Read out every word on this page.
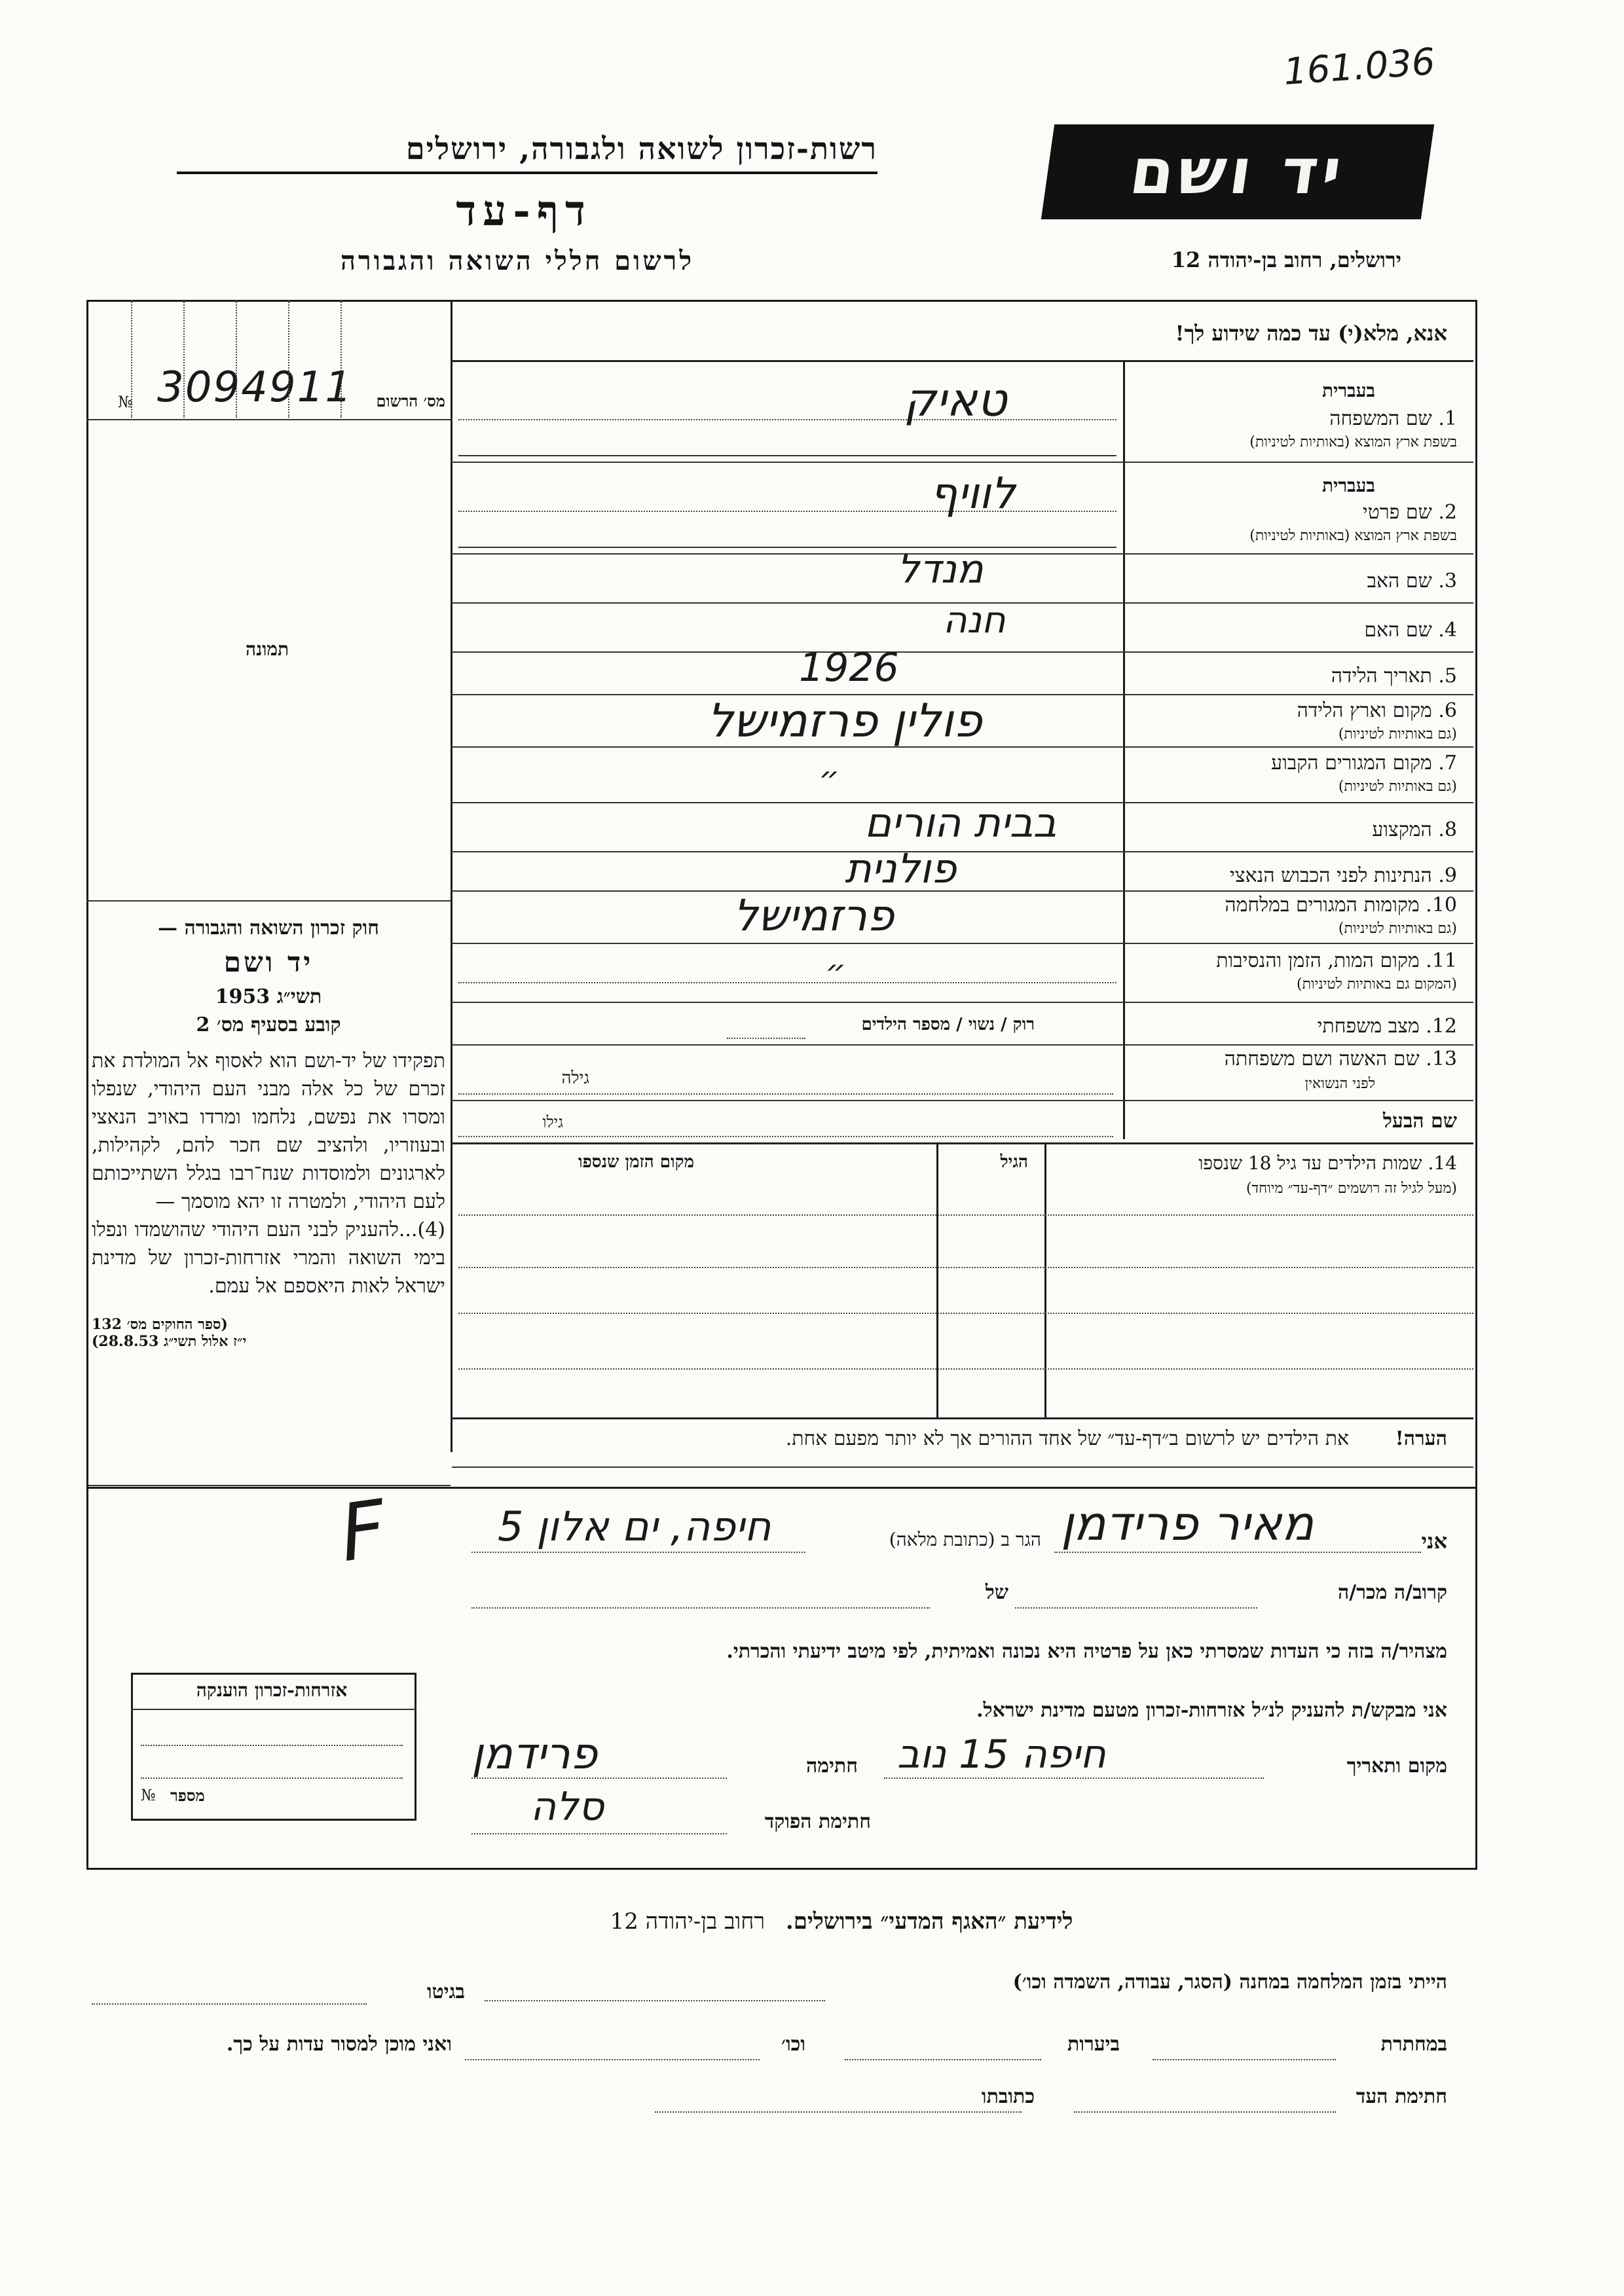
161.036
רשות-זכרון לשואה ולגבורה, ירושלים
דף-עד
לרשום חללי השואה והגבורה
יד ושם
ירושלים, רחוב בן-יהודה 12
אנא, מלא(י) עד כמה שידוע לך!
№	מס׳ הרשום
3094911
תמונה
חוק זכרון השואה והגבורה —
יד ושם
תשי״ג 1953
קובע בסעיף מס׳ 2
תפקידו של יד-ושם הוא לאסוף אל המולדת את זכרם של כל אלה מבני העם היהודי, שנפלו ומסרו את נפשם, נלחמו ומרדו באויב הנאצי ובעוזריו, ולהציב שם חכר להם, לקהילות, לארגונים ולמוסדות שנח־רבו בגלל השתייכותם לעם היהודי, ולמטרה זו יהא מוסמך —
(4)...להעניק לבני העם היהודי שהושמדו ונפלו בימי השואה והמרי אזרחות-זכרון של מדינת ישראל לאות היאספם אל עמם.
(ספר החוקים מס׳ 132
י״ז אלול תשי״ג 28.8.53)
בעברית
1. שם המשפחה
בשפת ארץ המוצא (באותיות לטיניות)
טאיק
בעברית
2. שם פרטי
בשפת ארץ המוצא (באותיות לטיניות)
לוויף
3. שם האב
מנדל
4. שם האם
חנה
5. תאריך הלידה
1926
6. מקום וארץ הלידה
(גם באותיות לטיניות)
פולין פרזמישל
7. מקום המגורים הקבוע
(גם באותיות לטיניות)
״
8. המקצוע
בבית הורים
9. הנתינות לפני הכבוש הנאצי
פולנית
10. מקומות המגורים במלחמה
(גם באותיות לטיניות)
פרזמישל
11. מקום המות, הזמן והנסיבות
(המקום גם באותיות לטיניות)
״
12. מצב משפחתי
רוק / נשוי / מספר הילדים
13. שם האשה ושם משפחתה
לפני הנשואין
גילה
שם הבעל
גילו
14. שמות הילדים עד גיל 18 שנספו
(מעל לגיל זה רושמים ״דף-עד״ מיוחד)
הגיל
מקום הזמן שנספו
הערה!
את הילדים יש לרשום ב״דף-עד״ של אחד ההורים אך לא יותר מפעם אחת.
אני
מאיר פרידמן
הגר ב (כתובת מלאה)
חיפה, ים אלון 5
F
קרוב/ה מכר/ה
של
מצהיר/ה בזה כי העדות שמסרתי כאן על פרטיה היא נכונה ואמיתית, לפי מיטב ידיעתי והכרתי.
אני מבקש/ת להעניק לנ״ל אזרחות-זכרון מטעם מדינת ישראל.
מקום ותאריך
חיפה 15 נוב
חתימה
פרידמן
חתימת הפוקד
סלה
אזרחות-זכרון הוענקה
מספר
№
לידיעת ״האגף המדעי״ בירושלים. רחוב בן-יהודה 12
הייתי בזמן המלחמה במחנה (הסגר, עבודה, השמדה וכו׳)
בגיטו
במחתרת
ביערות
וכו׳
ואני מוכן למסור עדות על כך.
חתימת העד
כתובתו
